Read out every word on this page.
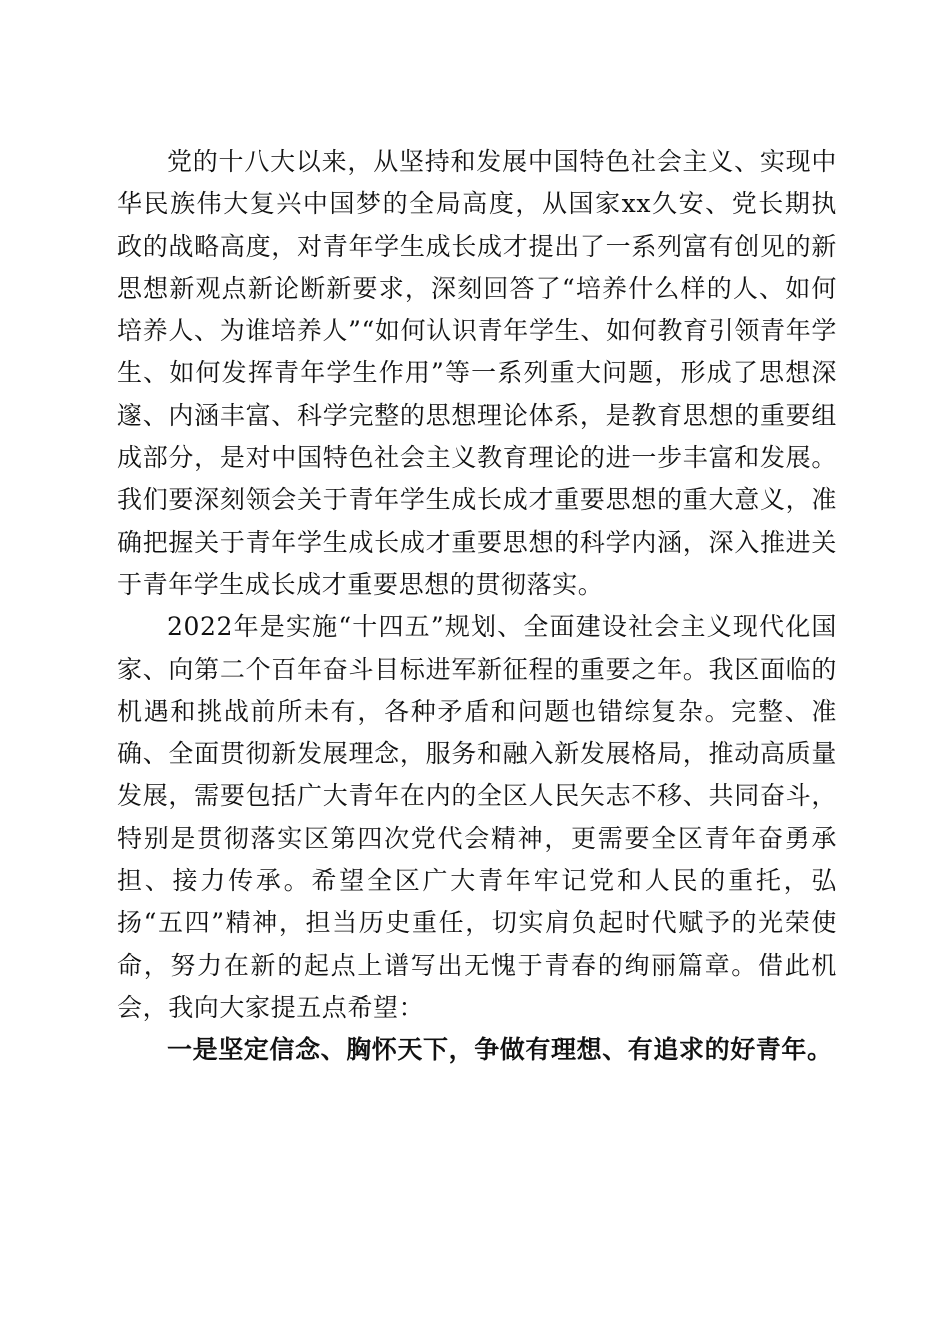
党的十八大以来，从坚持和发展中国特色社会主义、实现中华民族伟大复兴中国梦的全局高度，从国家xx久安、党长期执政的战略高度，对青年学生成长成才提出了一系列富有创见的新思想新观点新论断新要求，深刻回答了“培养什么样的人、如何培养人、为谁培养人”“如何认识青年学生、如何教育引领青年学生、如何发挥青年学生作用”等一系列重大问题，形成了思想深邃、内涵丰富、科学完整的思想理论体系，是教育思想的重要组成部分，是对中国特色社会主义教育理论的进一步丰富和发展。我们要深刻领会关于青年学生成长成才重要思想的重大意义，准确把握关于青年学生成长成才重要思想的科学内涵，深入推进关于青年学生成长成才重要思想的贯彻落实。

2022年是实施“十四五”规划、全面建设社会主义现代化国家、向第二个百年奋斗目标进军新征程的重要之年。我区面临的机遇和挑战前所未有，各种矛盾和问题也错综复杂。完整、准确、全面贯彻新发展理念，服务和融入新发展格局，推动高质量发展，需要包括广大青年在内的全区人民矢志不移、共同奋斗，特别是贯彻落实区第四次党代会精神，更需要全区青年奋勇承担、接力传承。希望全区广大青年牢记党和人民的重托，弘扬“五四”精神，担当历史重任，切实肩负起时代赋予的光荣使命，努力在新的起点上谱写出无愧于青春的绚丽篇章。借此机会，我向大家提五点希望：

一是坚定信念、胸怀天下，争做有理想、有追求的好青年。
